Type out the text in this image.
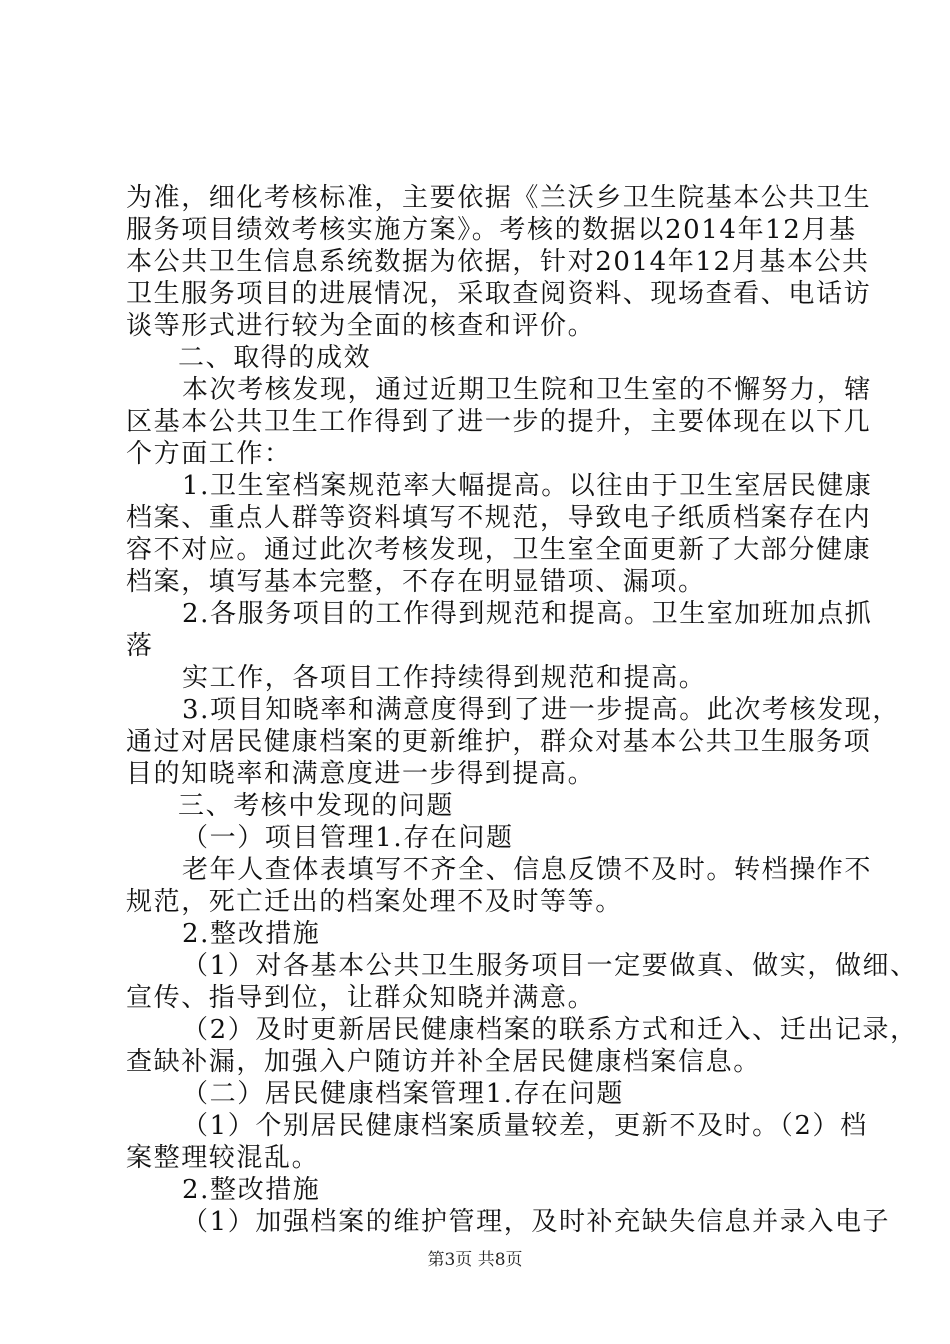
为准，细化考核标准，主要依据《兰沃乡卫生院基本公共卫生

服务项目绩效考核实施方案》。考核的数据以2014年12月基

本公共卫生信息系统数据为依据，针对2014年12月基本公共

卫生服务项目的进展情况，采取查阅资料、现场查看、电话访

谈等形式进行较为全面的核查和评价。

二、取得的成效

本次考核发现，通过近期卫生院和卫生室的不懈努力，辖

区基本公共卫生工作得到了进一步的提升，主要体现在以下几

个方面工作：

1.卫生室档案规范率大幅提高。以往由于卫生室居民健康

档案、重点人群等资料填写不规范，导致电子纸质档案存在内

容不对应。通过此次考核发现，卫生室全面更新了大部分健康

档案，填写基本完整，不存在明显错项、漏项。

2.各服务项目的工作得到规范和提高。卫生室加班加点抓

落

实工作，各项目工作持续得到规范和提高。

3.项目知晓率和满意度得到了进一步提高。此次考核发现，

通过对居民健康档案的更新维护，群众对基本公共卫生服务项

目的知晓率和满意度进一步得到提高。

三、考核中发现的问题

（一）项目管理1.存在问题

老年人查体表填写不齐全、信息反馈不及时。转档操作不

规范，死亡迁出的档案处理不及时等等。

2.整改措施

（1）对各基本公共卫生服务项目一定要做真、做实，做细、

宣传、指导到位，让群众知晓并满意。

（2）及时更新居民健康档案的联系方式和迁入、迁出记录，

查缺补漏，加强入户随访并补全居民健康档案信息。

（二）居民健康档案管理1.存在问题

（1）个别居民健康档案质量较差，更新不及时。（2）档

案整理较混乱。

2.整改措施

（1）加强档案的维护管理，及时补充缺失信息并录入电子

第3页 共8页
